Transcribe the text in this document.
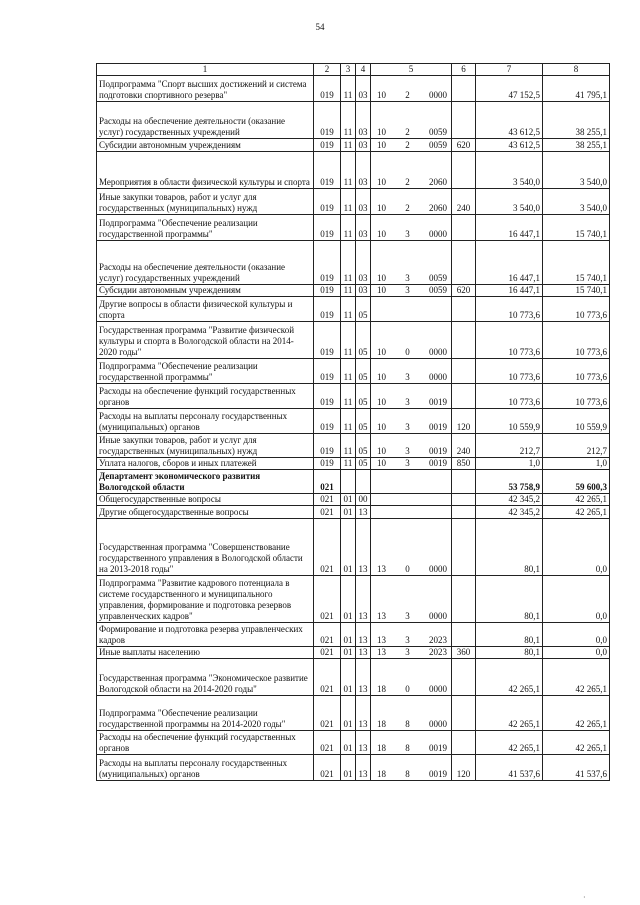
54
1	2	3	4	5	6	7	8
Подпрограмма "Спорт высших достижений и система подготовки спортивного резерва"	019	11	03	10 2 0000		47 152,5	41 795,1
Расходы на обеспечение деятельности (оказание услуг) государственных учреждений	019	11	03	10 2 0059		43 612,5	38 255,1
Субсидии автономным учреждениям	019	11	03	10 2 0059	620	43 612,5	38 255,1
Мероприятия в области физической культуры и спорта	019	11	03	10 2 2060		3 540,0	3 540,0
Иные закупки товаров, работ и услуг для государственных (муниципальных) нужд	019	11	03	10 2 2060	240	3 540,0	3 540,0
Подпрограмма "Обеспечение реализации государственной программы"	019	11	03	10 3 0000		16 447,1	15 740,1
Расходы на обеспечение деятельности (оказание услуг) государственных учреждений	019	11	03	10 3 0059		16 447,1	15 740,1
Субсидии автономным учреждениям	019	11	03	10 3 0059	620	16 447,1	15 740,1
Другие вопросы в области физической культуры и спорта	019	11	05			10 773,6	10 773,6
Государственная программа "Развитие физической культуры и спорта в Вологодской области на 2014-2020 годы"	019	11	05	10 0 0000		10 773,6	10 773,6
Подпрограмма "Обеспечение реализации государственной программы"	019	11	05	10 3 0000		10 773,6	10 773,6
Расходы на обеспечение функций государственных органов	019	11	05	10 3 0019		10 773,6	10 773,6
Расходы на выплаты персоналу государственных (муниципальных) органов	019	11	05	10 3 0019	120	10 559,9	10 559,9
Иные закупки товаров, работ и услуг для государственных (муниципальных) нужд	019	11	05	10 3 0019	240	212,7	212,7
Уплата налогов, сборов и иных платежей	019	11	05	10 3 0019	850	1,0	1,0
Департамент экономического развития Вологодской области	021					53 758,9	59 600,3
Общегосударственные вопросы	021	01	00			42 345,2	42 265,1
Другие общегосударственные вопросы	021	01	13			42 345,2	42 265,1
Государственная программа "Совершенствование государственного управления в Вологодской области на 2013-2018 годы"	021	01	13	13 0 0000		80,1	0,0
Подпрограмма "Развитие кадрового потенциала в системе государственного и муниципального управления, формирование и подготовка резервов управленческих кадров"	021	01	13	13 3 0000		80,1	0,0
Формирование и подготовка резерва управленческих кадров	021	01	13	13 3 2023		80,1	0,0
Иные выплаты населению	021	01	13	13 3 2023	360	80,1	0,0
Государственная программа "Экономическое развитие Вологодской области на 2014-2020 годы"	021	01	13	18 0 0000		42 265,1	42 265,1
Подпрограмма "Обеспечение реализации государственной программы на 2014-2020 годы"	021	01	13	18 8 0000		42 265,1	42 265,1
Расходы на обеспечение функций государственных органов	021	01	13	18 8 0019		42 265,1	42 265,1
Расходы на выплаты персоналу государственных (муниципальных) органов	021	01	13	18 8 0019	120	41 537,6	41 537,6
·
